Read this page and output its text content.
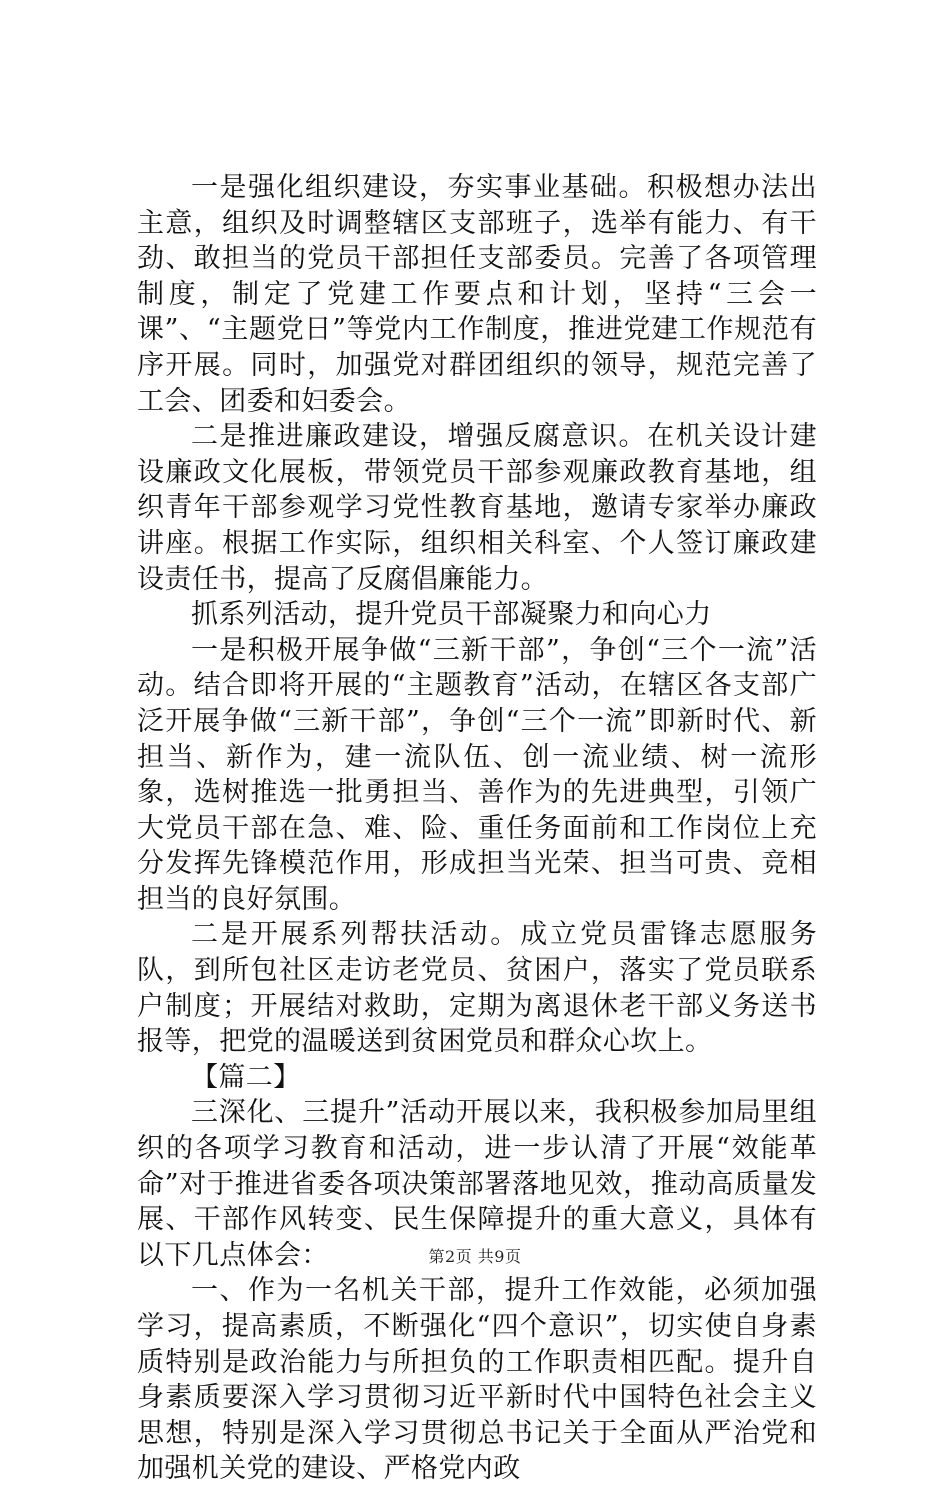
一是强化组织建设，夯实事业基础。积极想办法出主意，组织及时调整辖区支部班子，选举有能力、有干劲、敢担当的党员干部担任支部委员。完善了各项管理制度，制定了党建工作要点和计划，坚持“三会一课”、“主题党日”等党内工作制度，推进党建工作规范有序开展。同时，加强党对群团组织的领导，规范完善了工会、团委和妇委会。

二是推进廉政建设，增强反腐意识。在机关设计建设廉政文化展板，带领党员干部参观廉政教育基地，组织青年干部参观学习党性教育基地，邀请专家举办廉政讲座。根据工作实际，组织相关科室、个人签订廉政建设责任书，提高了反腐倡廉能力。

抓系列活动，提升党员干部凝聚力和向心力

一是积极开展争做“三新干部”，争创“三个一流”活动。结合即将开展的“主题教育”活动，在辖区各支部广泛开展争做“三新干部”，争创“三个一流”即新时代、新担当、新作为，建一流队伍、创一流业绩、树一流形象，选树推选一批勇担当、善作为的先进典型，引领广大党员干部在急、难、险、重任务面前和工作岗位上充分发挥先锋模范作用，形成担当光荣、担当可贵、竞相担当的良好氛围。

二是开展系列帮扶活动。成立党员雷锋志愿服务队，到所包社区走访老党员、贫困户，落实了党员联系户制度；开展结对救助，定期为离退休老干部义务送书报等，把党的温暖送到贫困党员和群众心坎上。

【篇二】

三深化、三提升”活动开展以来，我积极参加局里组织的各项学习教育和活动，进一步认清了开展“效能革命”对于推进省委各项决策部署落地见效，推动高质量发展、干部作风转变、民生保障提升的重大意义，具体有以下几点体会：

一、作为一名机关干部，提升工作效能，必须加强学习，提高素质，不断强化“四个意识”，切实使自身素质特别是政治能力与所担负的工作职责相匹配。提升自身素质要深入学习贯彻习近平新时代中国特色社会主义思想，特别是深入学习贯彻总书记关于全面从严治党和加强机关党的建设、严格党内政

第2页 共9页
